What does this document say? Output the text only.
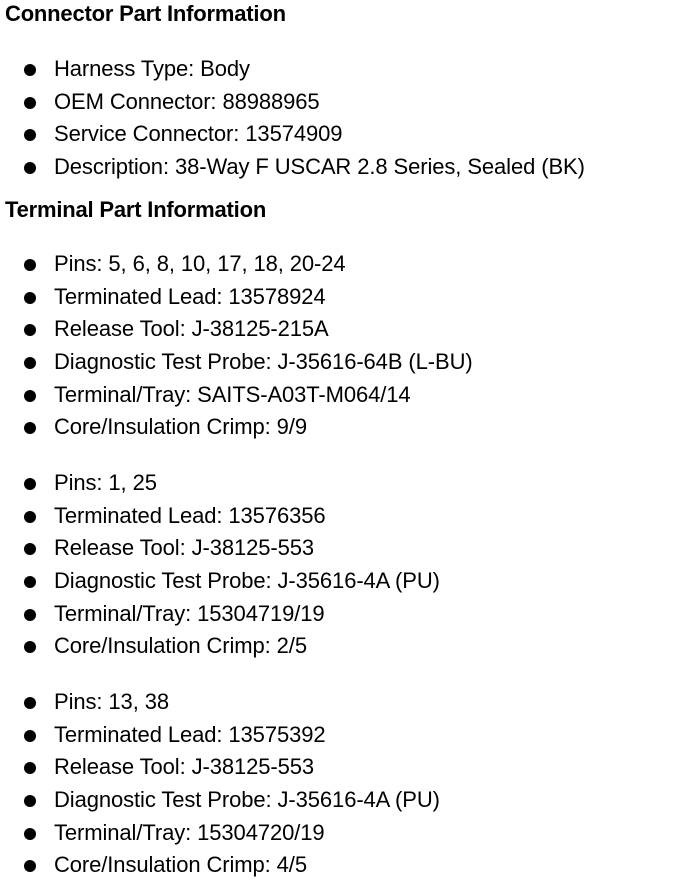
Connector Part Information
Harness Type: Body
OEM Connector: 88988965
Service Connector: 13574909
Description: 38-Way F USCAR 2.8 Series, Sealed (BK)
Terminal Part Information
Pins: 5, 6, 8, 10, 17, 18, 20-24
Terminated Lead: 13578924
Release Tool: J-38125-215A
Diagnostic Test Probe: J-35616-64B (L-BU)
Terminal/Tray: SAITS-A03T-M064/14
Core/Insulation Crimp: 9/9
Pins: 1, 25
Terminated Lead: 13576356
Release Tool: J-38125-553
Diagnostic Test Probe: J-35616-4A (PU)
Terminal/Tray: 15304719/19
Core/Insulation Crimp: 2/5
Pins: 13, 38
Terminated Lead: 13575392
Release Tool: J-38125-553
Diagnostic Test Probe: J-35616-4A (PU)
Terminal/Tray: 15304720/19
Core/Insulation Crimp: 4/5
